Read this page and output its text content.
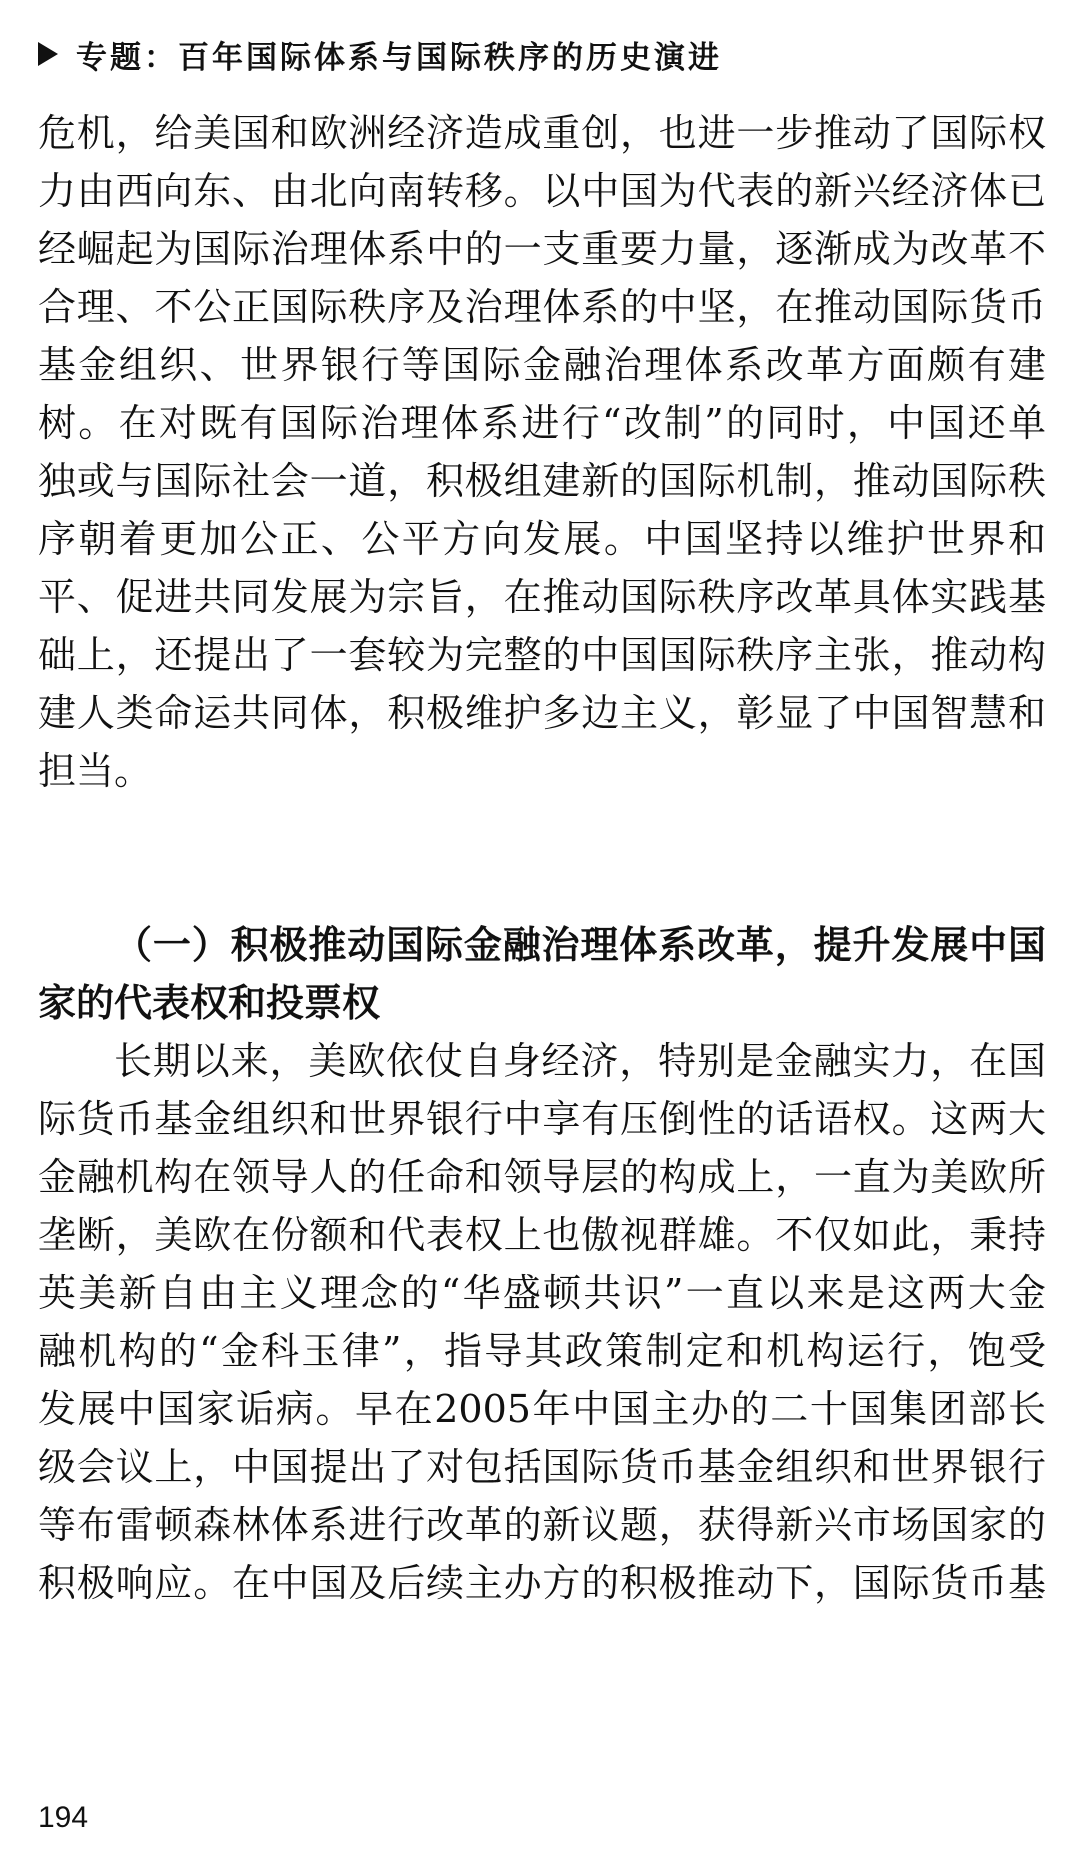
专题：百年国际体系与国际秩序的历史演进
危机，给美国和欧洲经济造成重创，也进一步推动了国际权
力由西向东、由北向南转移。以中国为代表的新兴经济体已
经崛起为国际治理体系中的一支重要力量，逐渐成为改革不
合理、不公正国际秩序及治理体系的中坚，在推动国际货币
基金组织、世界银行等国际金融治理体系改革方面颇有建
树。在对既有国际治理体系进行“改制”的同时，中国还单
独或与国际社会一道，积极组建新的国际机制，推动国际秩
序朝着更加公正、公平方向发展。中国坚持以维护世界和
平、促进共同发展为宗旨，在推动国际秩序改革具体实践基
础上，还提出了一套较为完整的中国国际秩序主张，推动构
建人类命运共同体，积极维护多边主义，彰显了中国智慧和
担当。
（一）积极推动国际金融治理体系改革，提升发展中国
家的代表权和投票权
长期以来，美欧依仗自身经济，特别是金融实力，在国
际货币基金组织和世界银行中享有压倒性的话语权。这两大
金融机构在领导人的任命和领导层的构成上，一直为美欧所
垄断，美欧在份额和代表权上也傲视群雄。不仅如此，秉持
英美新自由主义理念的“华盛顿共识”一直以来是这两大金
融机构的“金科玉律”，指导其政策制定和机构运行，饱受
发展中国家诟病。早在2005年中国主办的二十国集团部长
级会议上，中国提出了对包括国际货币基金组织和世界银行
等布雷顿森林体系进行改革的新议题，获得新兴市场国家的
积极响应。在中国及后续主办方的积极推动下，国际货币基
194
